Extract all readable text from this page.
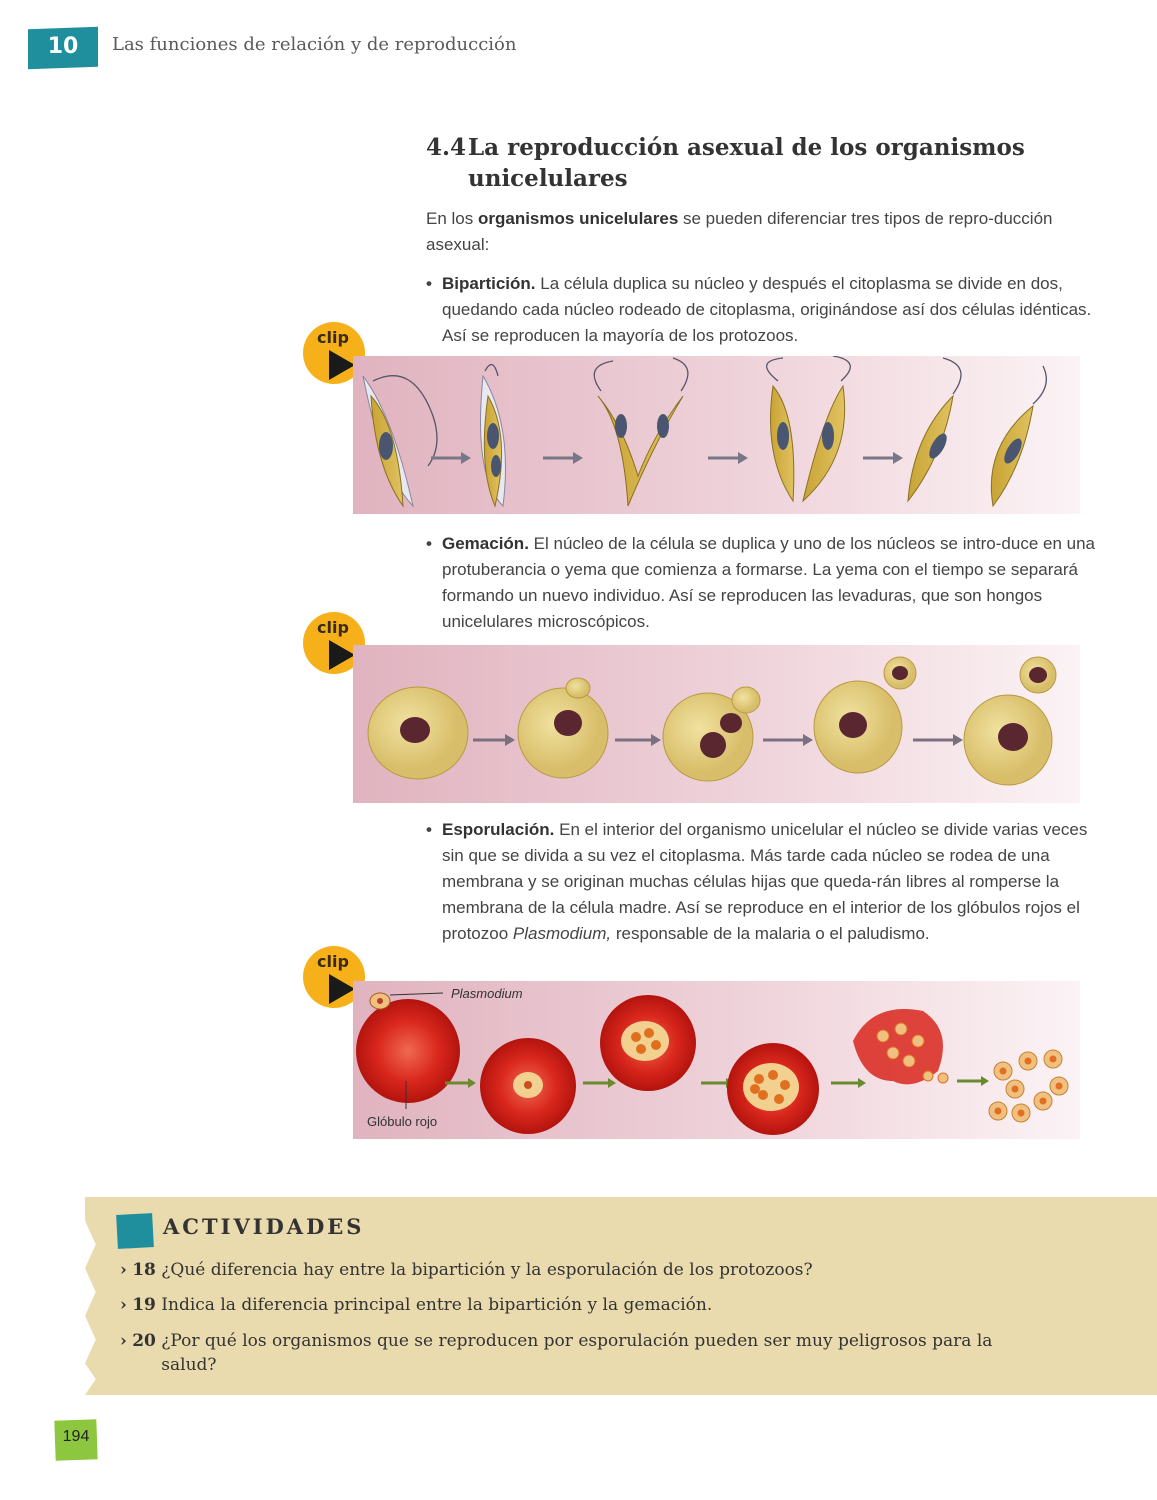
10	Las funciones de relación y de reproducción
4.4La reproducción asexual de los organismos
unicelulares
En los organismos unicelulares se pueden diferenciar tres tipos de repro-ducción asexual:
• Bipartición. La célula duplica su núcleo y después el citoplasma se divide en dos, quedando cada núcleo rodeado de citoplasma, originándose así dos células idénticas. Así se reproducen la mayoría de los protozoos.
clip
• Gemación. El núcleo de la célula se duplica y uno de los núcleos se intro-duce en una protuberancia o yema que comienza a formarse. La yema con el tiempo se separará formando un nuevo individuo. Así se reproducen las levaduras, que son hongos unicelulares microscópicos.
clip
• Esporulación. En el interior del organismo unicelular el núcleo se divide varias veces sin que se divida a su vez el citoplasma. Más tarde cada núcleo se rodea de una membrana y se originan muchas células hijas que queda-rán libres al romperse la membrana de la célula madre. Así se reproduce en el interior de los glóbulos rojos el protozoo Plasmodium, responsable de la malaria o el paludismo.
clip
Plasmodium
Glóbulo rojo
ACTIVIDADES
› 18 ¿Qué diferencia hay entre la bipartición y la esporulación de los protozoos?
› 19 Indica la diferencia principal entre la bipartición y la gemación.
› 20 ¿Por qué los organismos que se reproducen por esporulación pueden ser muy peligrosos para la salud?
194
